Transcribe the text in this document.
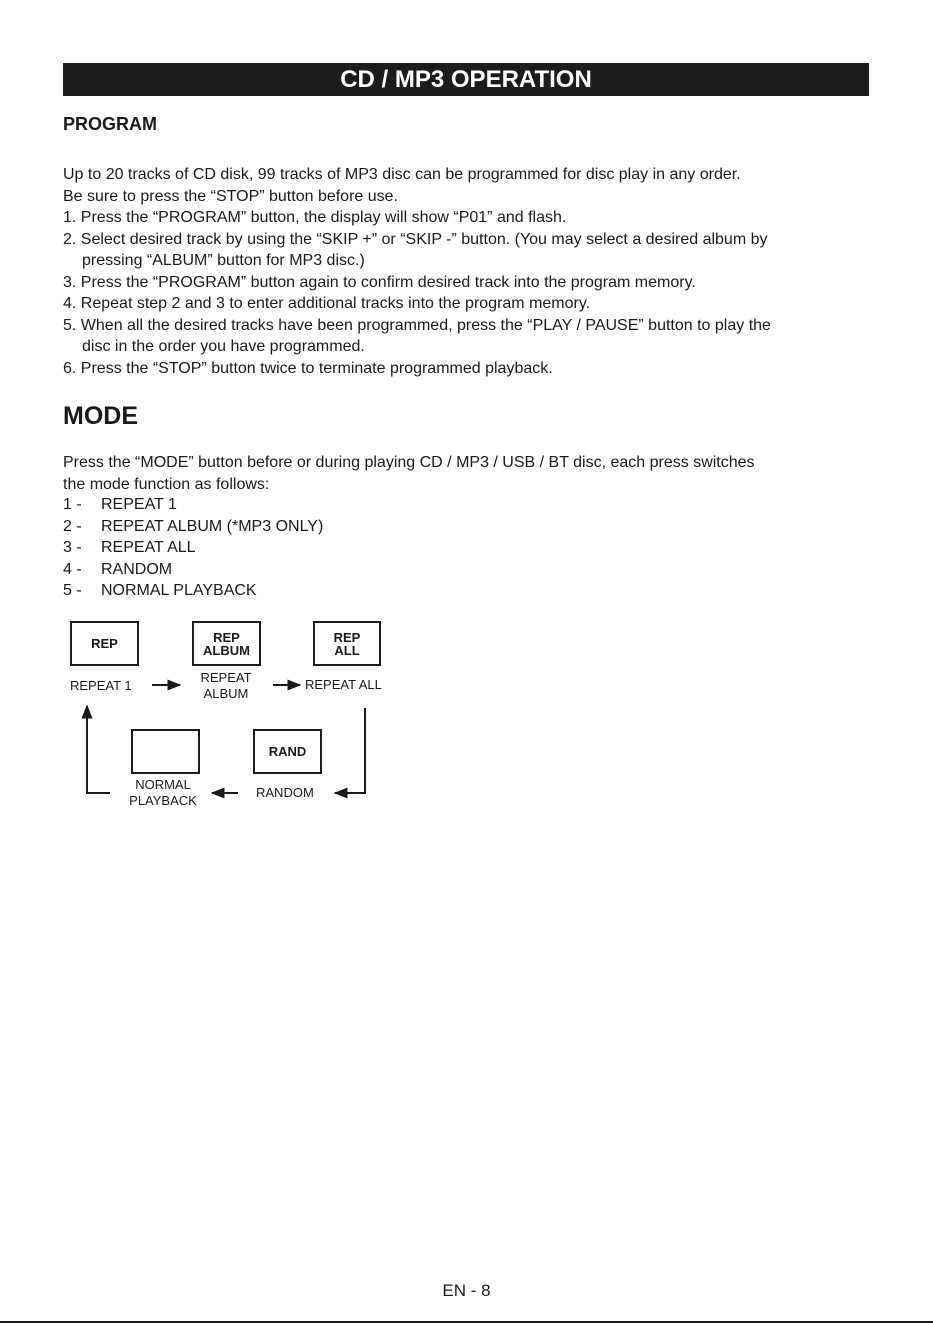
CD / MP3 OPERATION
PROGRAM
Up to 20 tracks of CD disk, 99 tracks of MP3 disc can be programmed for disc play in any order.
Be sure to press the “STOP” button before use.
1. Press the “PROGRAM” button, the display will show “P01” and flash.
2. Select desired track by using the “SKIP +” or “SKIP -” button. (You may select a desired album by
pressing “ALBUM” button for MP3 disc.)
3. Press the “PROGRAM” button again to confirm desired track into the program memory.
4. Repeat step 2 and 3 to enter additional tracks into the program memory.
5. When all the desired tracks have been programmed, press the “PLAY / PAUSE” button to play the
disc in the order you have programmed.
6. Press the “STOP” button twice to terminate programmed playback.
MODE
Press the “MODE” button before or during playing CD / MP3 / USB / BT disc, each press switches
the mode function as follows:
1 -	REPEAT 1
2 -	REPEAT ALBUM (*MP3 ONLY)
3 -	REPEAT ALL
4 -	RANDOM
5 -	NORMAL PLAYBACK
REP	REP
ALBUM
REP
ALL
RAND
REPEAT 1
REPEAT
ALBUM
REPEAT ALL
RANDOM
NORMAL
PLAYBACK
EN - 8
